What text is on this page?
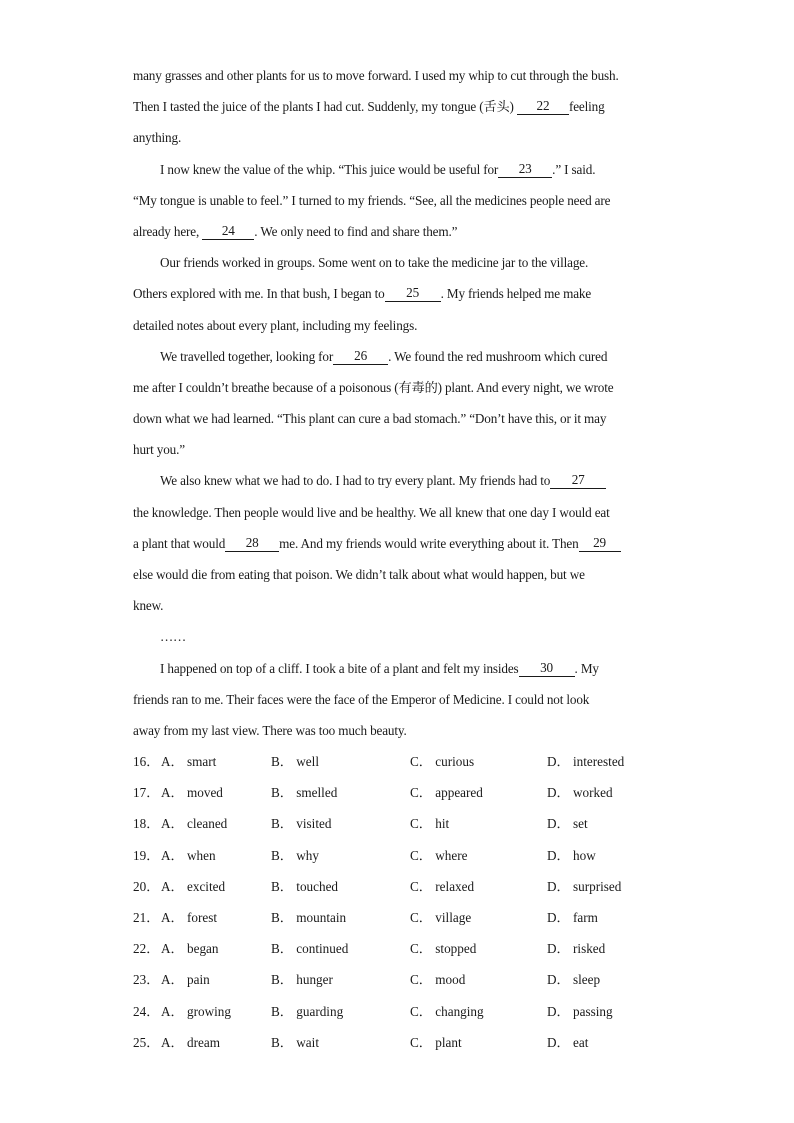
many grasses and other plants for us to move forward. I used my whip to cut through the bush.
Then I tasted the juice of the plants I had cut. Suddenly, my tongue (舌头) 22 feeling
anything.
I now knew the value of the whip. “This juice would be useful for 23 .” I said.
“My tongue is unable to feel.” I turned to my friends. “See, all the medicines people need are
already here, 24 . We only need to find and share them.”
Our friends worked in groups. Some went on to take the medicine jar to the village.
Others explored with me. In that bush, I began to 25 . My friends helped me make
detailed notes about every plant, including my feelings.
We travelled together, looking for 26 . We found the red mushroom which cured
me after I couldn’t breathe because of a poisonous (有毒的) plant. And every night, we wrote
down what we had learned. “This plant can cure a bad stomach.” “Don’t have this, or it may
hurt you.”
We also knew what we had to do. I had to try every plant. My friends had to 27
the knowledge. Then people would live and be healthy. We all knew that one day I would eat
a plant that would 28 me. And my friends would write everything about it. Then 29
else would die from eating that poison. We didn’t talk about what would happen, but we
knew.
……
I happened on top of a cliff. I took a bite of a plant and felt my insides 30 . My
friends ran to me. Their faces were the face of the Emperor of Medicine. I could not look
away from my last view. There was too much beauty.
16． A． smart	B． well	C． curious	D． interested
17． A． moved	B． smelled	C． appeared	D． worked
18． A． cleaned	B． visited	C． hit	D． set
19． A． when	B． why	C． where	D． how
20． A． excited	B． touched	C． relaxed	D． surprised
21． A． forest	B． mountain	C． village	D． farm
22． A． began	B． continued	C． stopped	D． risked
23． A． pain	B． hunger	C． mood	D． sleep
24． A． growing	B． guarding	C． changing	D． passing
25． A． dream	B． wait	C． plant	D． eat
